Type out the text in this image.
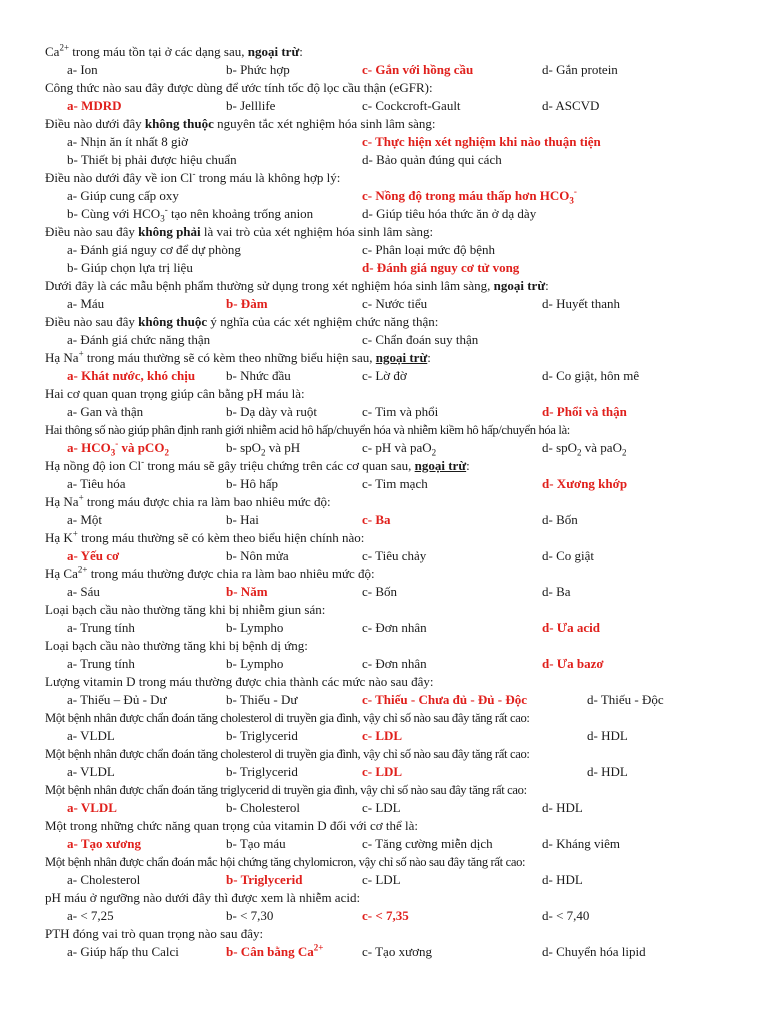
$Ca^{2+}$ trong máu tồn tại ở các dạng sau, ngoại trừ:
a- Ion	b- Phức hợp	c- Gắn với hồng cầu	d- Gắn protein
Công thức nào sau đây được dùng để ước tính tốc độ lọc cầu thận (eGFR):
a- MDRD	b- Jelllife	c- Cockcroft-Gault	d- ASCVD
Điều nào dưới đây không thuộc nguyên tắc xét nghiệm hóa sinh lâm sàng:
a- Nhịn ăn ít nhất 8 giờ	c- Thực hiện xét nghiệm khi nào thuận tiện
b- Thiết bị phải được hiệu chuẩn	d- Bảo quản đúng qui cách
Điều nào dưới đây về ion Cl- trong máu là không hợp lý:
a- Giúp cung cấp oxy	c- Nồng độ trong máu thấp hơn $HCO_3^-$
b- Cùng với $HCO_3^-$ tạo nên khoảng trống anion	d- Giúp tiêu hóa thức ăn ở dạ dày
Điều nào sau đây không phải là vai trò của xét nghiệm hóa sinh lâm sàng:
a- Đánh giá nguy cơ để dự phòng	c- Phân loại mức độ bệnh
b- Giúp chọn lựa trị liệu	d- Đánh giá nguy cơ tử vong
Dưới đây là các mẫu bệnh phẩm thường sử dụng trong xét nghiệm hóa sinh lâm sàng, ngoại trừ:
a- Máu	b- Đàm	c- Nước tiểu	d- Huyết thanh
Điều nào sau đây không thuộc ý nghĩa của các xét nghiệm chức năng thận:
a- Đánh giá chức năng thận	c- Chẩn đoán suy thận
Hạ Na+ trong máu thường sẽ có kèm theo những biểu hiện sau, ngoại trừ:
a- Khát nước, khó chịu b- Nhức đầu	c- Lờ đờ	d- Co giật, hôn mê
Hai cơ quan quan trọng giúp cân bằng pH máu là:
a- Gan và thận	b- Dạ dày và ruột	c- Tim và phổi	d- Phổi và thận
Hai thông số nào giúp phân định ranh giới nhiễm acid hô hấp/chuyển hóa và nhiễm kiềm hô hấp/chuyển hóa là:
a- $HCO_3^-$ và pCO$_2$	b- spO$_2$ và pH	c- pH và paO$_2$	d- spO$_2$ và paO$_2$
Hạ nồng độ ion Cl- trong máu sẽ gây triệu chứng trên các cơ quan sau, ngoại trừ:
a- Tiêu hóa	b- Hô hấp	c- Tim mạch	d- Xương khớp
Hạ Na+ trong máu được chia ra làm bao nhiêu mức độ:
a- Một	b- Hai	c- Ba	d- Bốn
Hạ K+ trong máu thường sẽ có kèm theo biểu hiện chính nào:
a- Yếu cơ	b- Nôn mửa	c- Tiêu chảy	d- Co giật
Hạ $Ca^{2+}$ trong máu thường được chia ra làm bao nhiêu mức độ:
a- Sáu	b- Năm	c- Bốn	d- Ba
Loại bạch cầu nào thường tăng khi bị nhiễm giun sán:
a- Trung tính	b- Lympho	c- Đơn nhân	d- Ưa acid
Loại bạch cầu nào thường tăng khi bị bệnh dị ứng:
a- Trung tính	b- Lympho	c- Đơn nhân	d- Ưa bazơ
Lượng vitamin D trong máu thường được chia thành các mức nào sau đây:
a- Thiếu – Đủ - Dư	b- Thiếu - Dư	c- Thiếu - Chưa đủ - Đủ - Độc	d- Thiếu - Độc
Một bệnh nhân được chẩn đoán tăng cholesterol di truyền gia đình, vậy chỉ số nào sau đây tăng rất cao:
a- VLDL	b- Triglycerid	c- LDL	d- HDL
Một bệnh nhân được chẩn đoán tăng cholesterol di truyền gia đình, vậy chỉ số nào sau đây tăng rất cao:
a- VLDL	b- Triglycerid	c- LDL	d- HDL
Một bệnh nhân được chẩn đoán tăng triglycerid di truyền gia đình, vậy chỉ số nào sau đây tăng rất cao:
a- VLDL	b- Cholesterol	c- LDL	d- HDL
Một trong những chức năng quan trọng của vitamin D đối với cơ thể là:
a- Tạo xương	b- Tạo máu	c- Tăng cường miễn dịch	d- Kháng viêm
Một bệnh nhân được chẩn đoán mắc hội chứng tăng chylomicron, vậy chỉ số nào sau đây tăng rất cao:
a- Cholesterol	b- Triglycerid	c- LDL	d- HDL
pH máu ở ngưỡng nào dưới đây thì được xem là nhiễm acid:
a- < 7,25	b- < 7,30	c- < 7,35	d- < 7,40
PTH đóng vai trò quan trọng nào sau đây:
a- Giúp hấp thu Calci	b- Cân bằng $Ca^{2+}$	c- Tạo xương	d- Chuyển hóa lipid
